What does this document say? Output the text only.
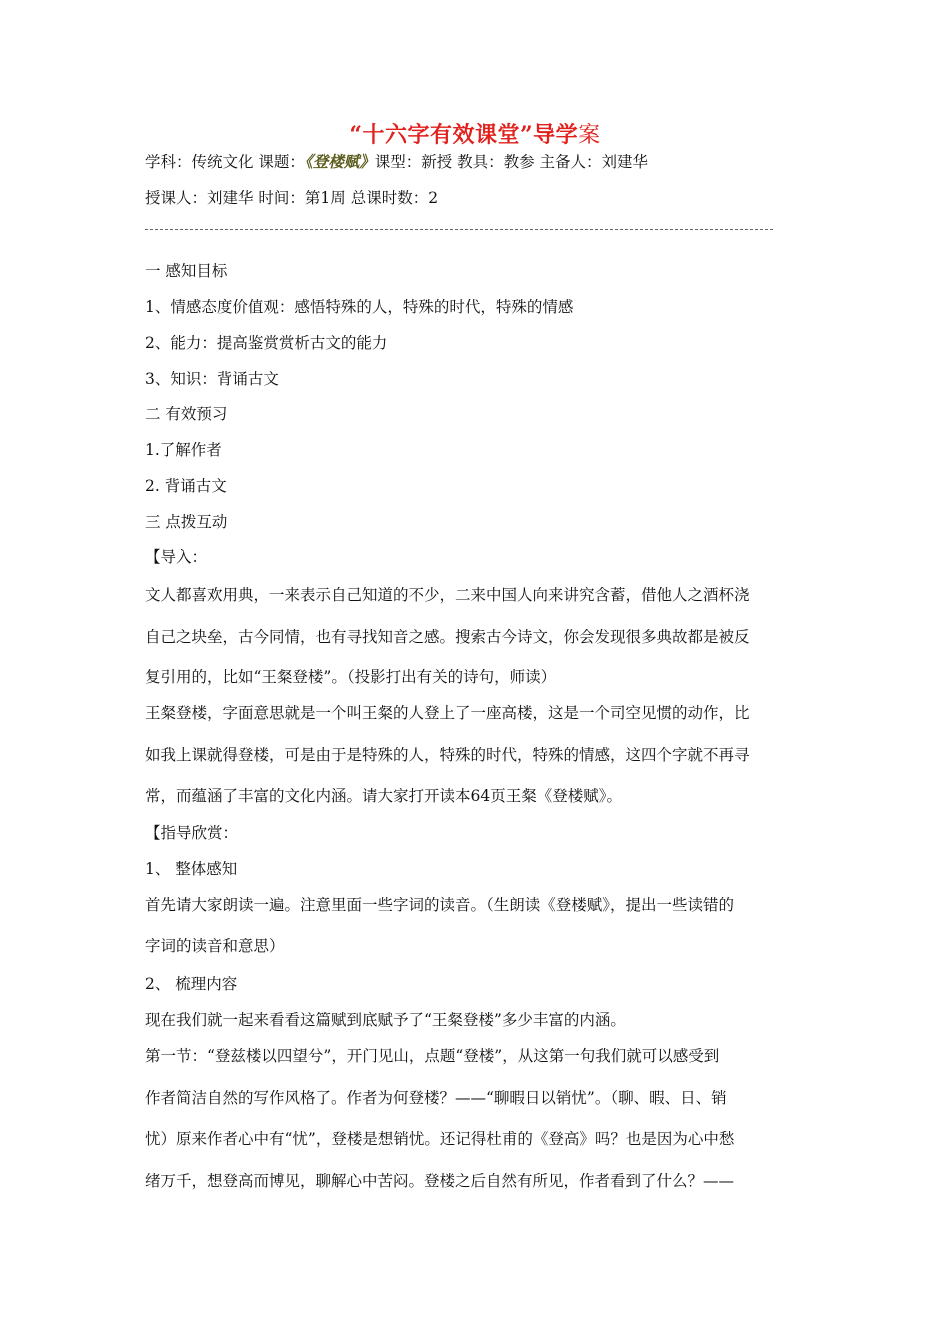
“十六字有效课堂”导学案
学科：传统文化 课题：《登楼赋》课型：新授 教具：教参 主备人：刘建华
授课人：刘建华 时间：第1周 总课时数：2
一 感知目标
1、情感态度价值观：感悟特殊的人，特殊的时代，特殊的情感
2、能力：提高鉴赏赏析古文的能力
3、知识：背诵古文
二 有效预习
1.了解作者
2. 背诵古文
三 点拨互动
【导入：
文人都喜欢用典，一来表示自己知道的不少，二来中国人向来讲究含蓄，借他人之酒杯浇
自己之块垒，古今同情，也有寻找知音之感。搜索古今诗文，你会发现很多典故都是被反
复引用的，比如“王粲登楼”。（投影打出有关的诗句，师读）
王粲登楼，字面意思就是一个叫王粲的人登上了一座高楼，这是一个司空见惯的动作，比
如我上课就得登楼，可是由于是特殊的人，特殊的时代，特殊的情感，这四个字就不再寻
常，而蕴涵了丰富的文化内涵。请大家打开读本64页王粲《登楼赋》。
【指导欣赏：
1、 整体感知
首先请大家朗读一遍。注意里面一些字词的读音。（生朗读《登楼赋》，提出一些读错的
字词的读音和意思）
2、 梳理内容
现在我们就一起来看看这篇赋到底赋予了“王粲登楼”多少丰富的内涵。
第一节：“登兹楼以四望兮”，开门见山，点题“登楼”，从这第一句我们就可以感受到
作者简洁自然的写作风格了。作者为何登楼？——“聊暇日以销忧”。（聊、暇、日、销
忧）原来作者心中有“忧”，登楼是想销忧。还记得杜甫的《登高》吗？也是因为心中愁
绪万千，想登高而博见，聊解心中苦闷。登楼之后自然有所见，作者看到了什么？——
